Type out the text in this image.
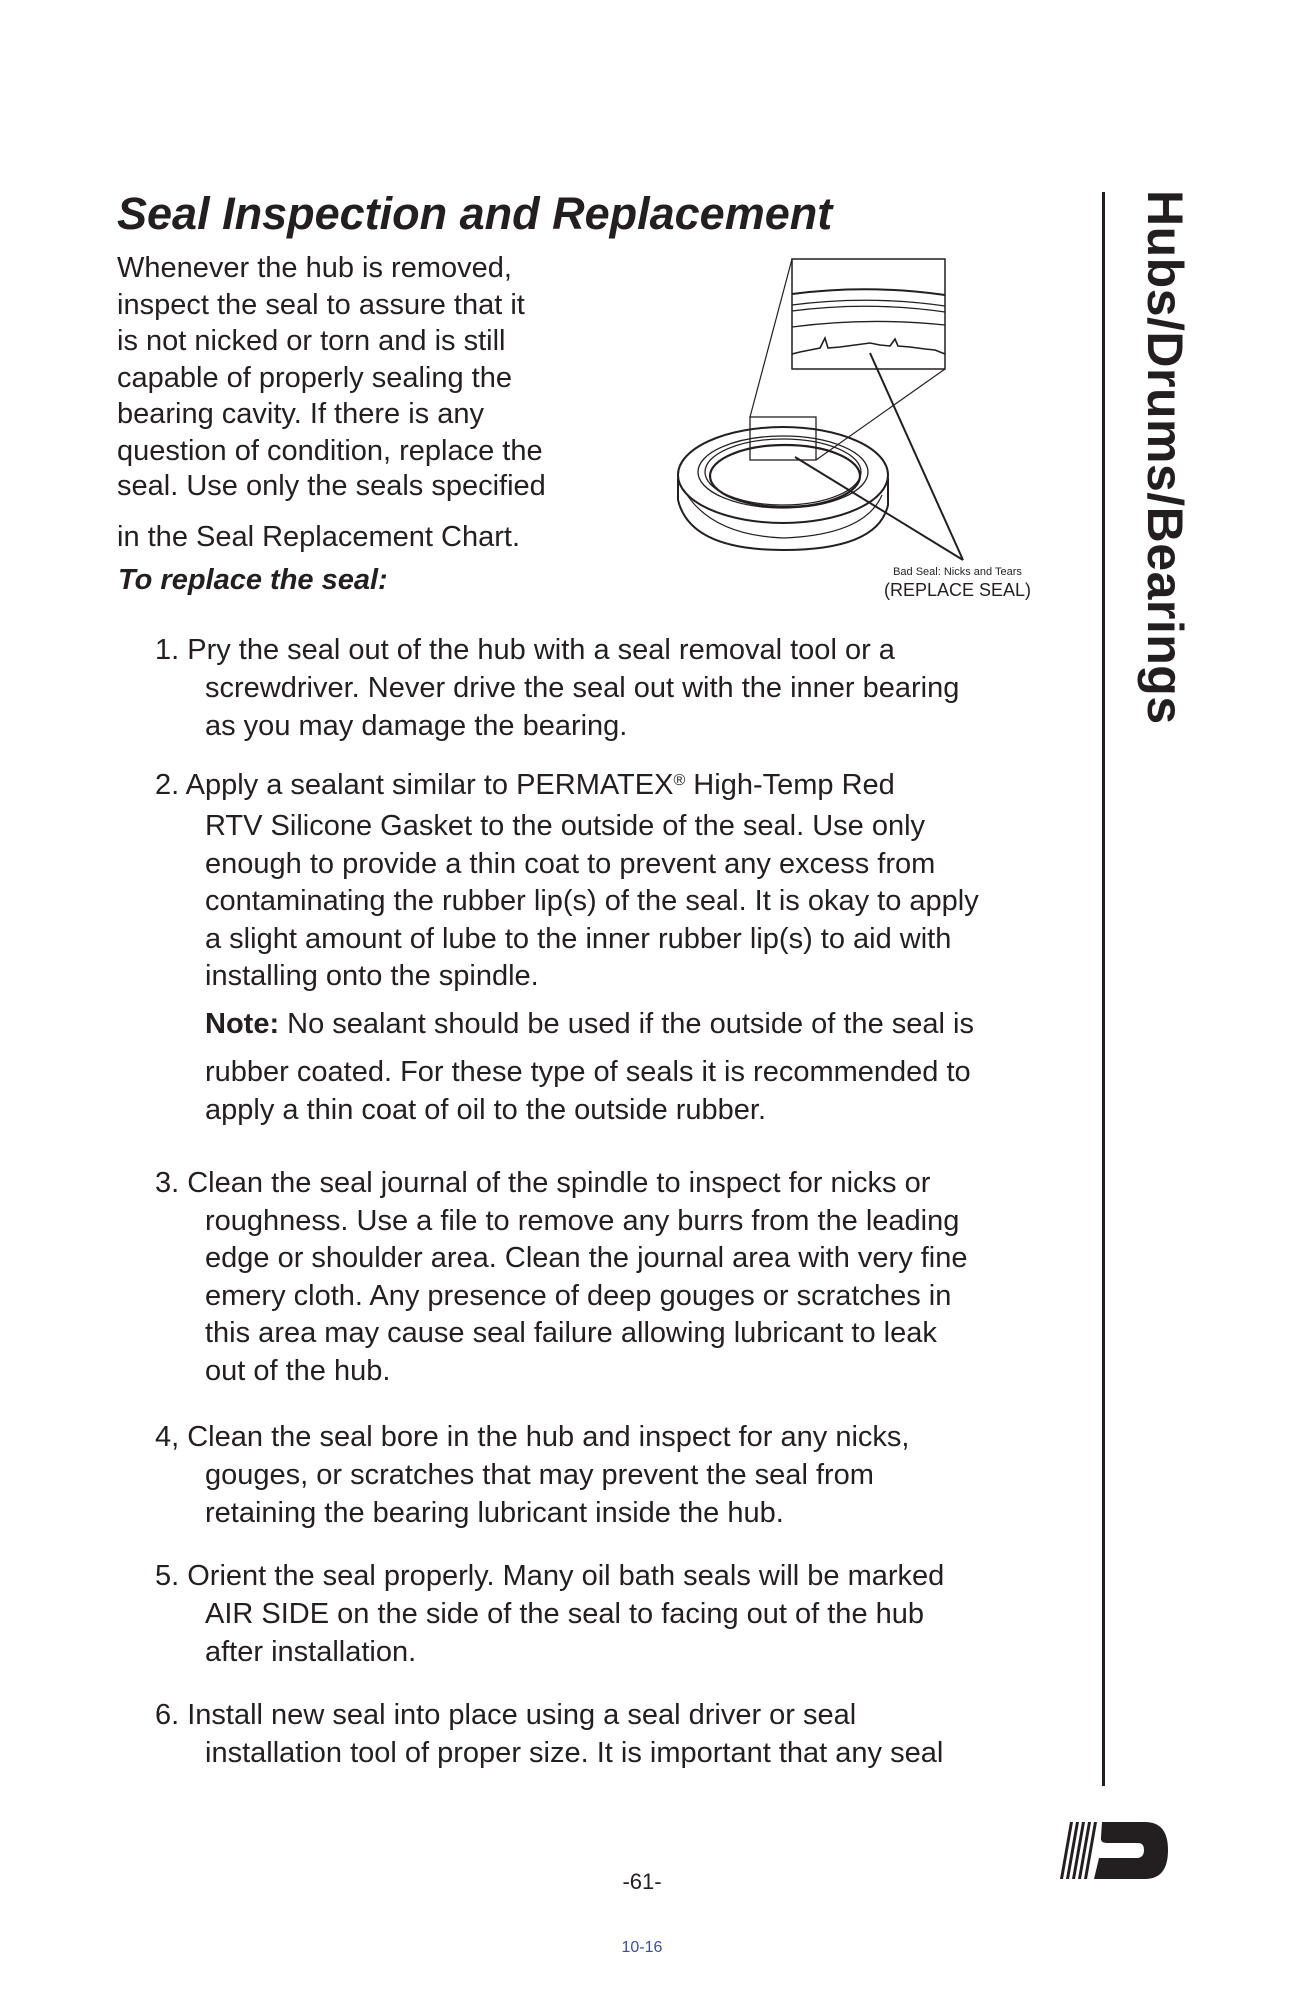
Seal Inspection and Replacement
Whenever the hub is removed,
inspect the seal to assure that it
is not nicked or torn and is still
capable of properly sealing the
bearing cavity. If there is any
question of condition, replace the
seal. Use only the seals specified
in the Seal Replacement Chart.
To replace the seal:	Bad Seal: Nicks and Tears
(REPLACE SEAL)
1. Pry the seal out of the hub with a seal removal tool or a
screwdriver. Never drive the seal out with the inner bearing
as you may damage the bearing.
2. Apply a sealant similar to PERMATEX® High-Temp Red
RTV Silicone Gasket to the outside of the seal. Use only
enough to provide a thin coat to prevent any excess from
contaminating the rubber lip(s) of the seal. It is okay to apply
a slight amount of lube to the inner rubber lip(s) to aid with
installing onto the spindle.
Note: No sealant should be used if the outside of the seal is
rubber coated. For these type of seals it is recommended to
apply a thin coat of oil to the outside rubber.
3. Clean the seal journal of the spindle to inspect for nicks or
roughness. Use a file to remove any burrs from the leading
edge or shoulder area. Clean the journal area with very fine
emery cloth. Any presence of deep gouges or scratches in
this area may cause seal failure allowing lubricant to leak
out of the hub.
4, Clean the seal bore in the hub and inspect for any nicks,
gouges, or scratches that may prevent the seal from
retaining the bearing lubricant inside the hub.
5. Orient the seal properly. Many oil bath seals will be marked
AIR SIDE on the side of the seal to facing out of the hub
after installation.
6. Install new seal into place using a seal driver or seal
installation tool of proper size. It is important that any seal
Hubs/Drums/Bearings
-61-
10-16
